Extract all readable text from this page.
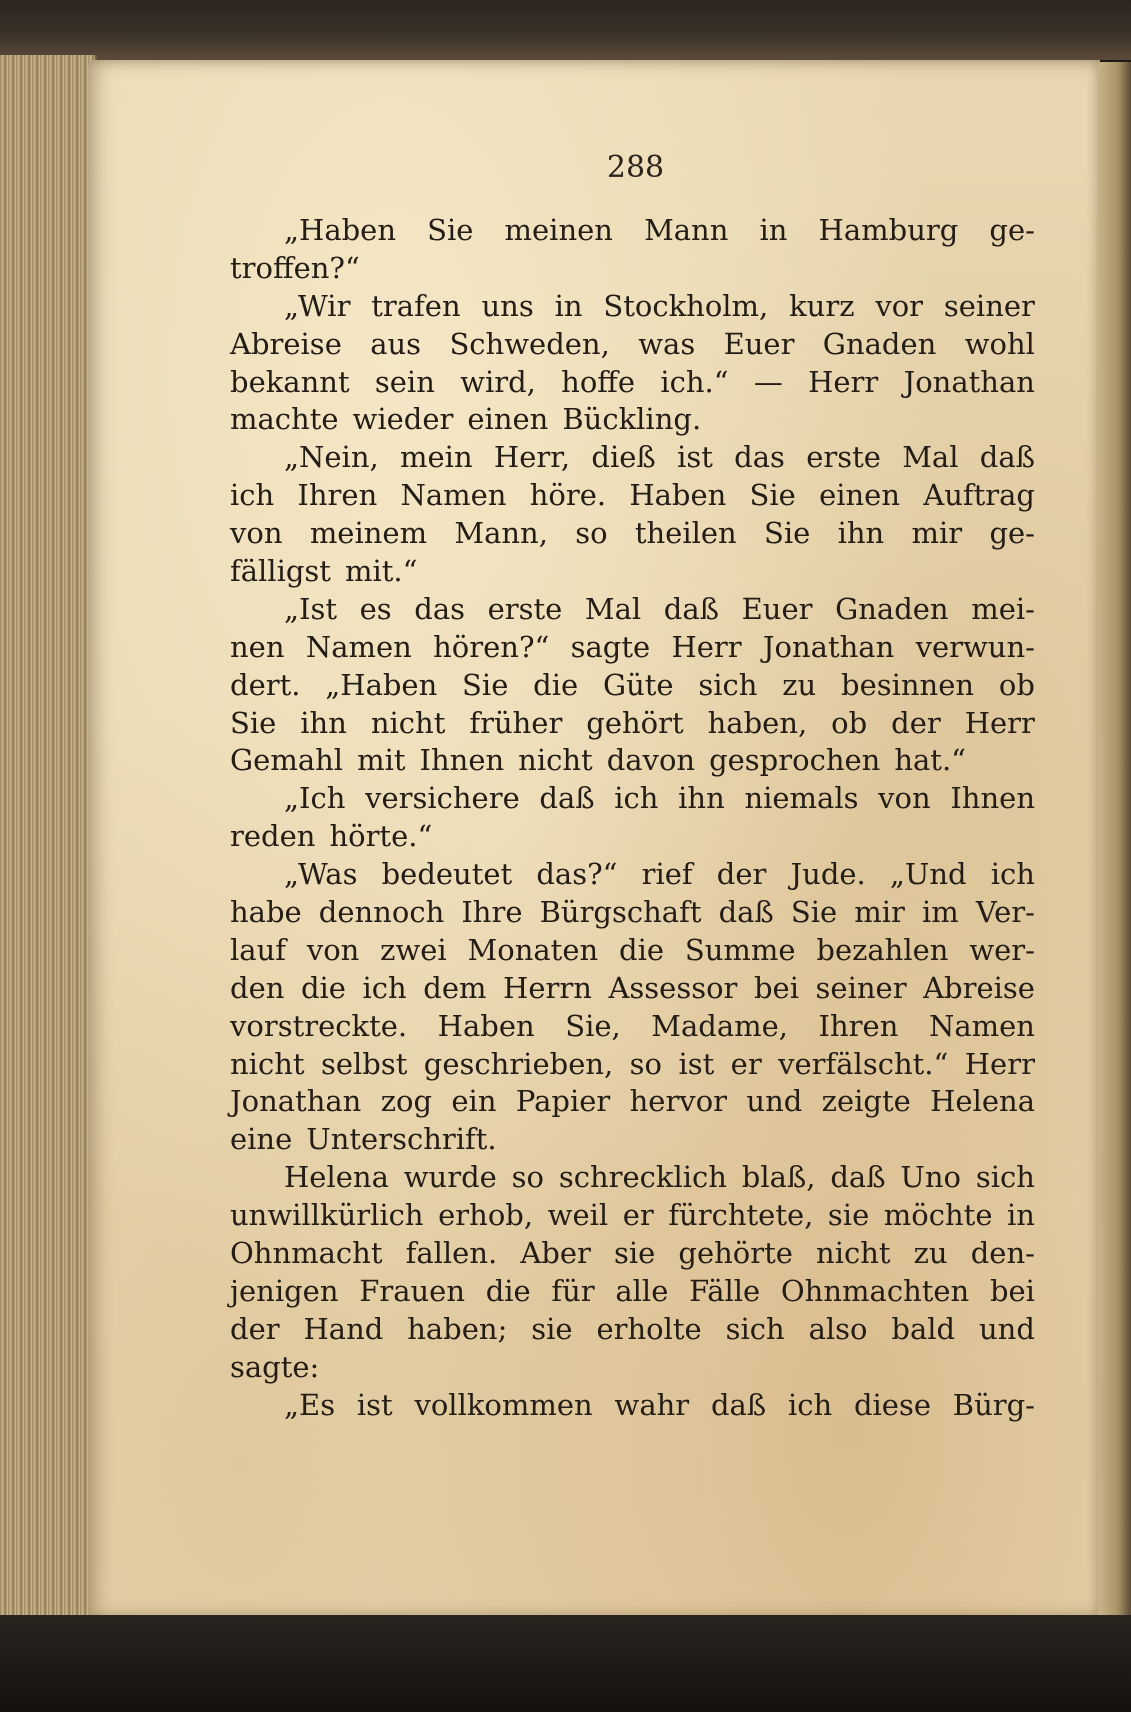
288
„Haben Sie meinen Mann in Hamburg ge-
troffen?“
„Wir trafen uns in Stockholm, kurz vor seiner
Abreise aus Schweden, was Euer Gnaden wohl
bekannt sein wird, hoffe ich.“ — Herr Jonathan
machte wieder einen Bückling.
„Nein, mein Herr, dieß ist das erste Mal daß
ich Ihren Namen höre. Haben Sie einen Auftrag
von meinem Mann, so theilen Sie ihn mir ge-
fälligst mit.“
„Ist es das erste Mal daß Euer Gnaden mei-
nen Namen hören?“ sagte Herr Jonathan verwun-
dert. „Haben Sie die Güte sich zu besinnen ob
Sie ihn nicht früher gehört haben, ob der Herr
Gemahl mit Ihnen nicht davon gesprochen hat.“
„Ich versichere daß ich ihn niemals von Ihnen
reden hörte.“
„Was bedeutet das?“ rief der Jude. „Und ich
habe dennoch Ihre Bürgschaft daß Sie mir im Ver-
lauf von zwei Monaten die Summe bezahlen wer-
den die ich dem Herrn Assessor bei seiner Abreise
vorstreckte. Haben Sie, Madame, Ihren Namen
nicht selbst geschrieben, so ist er verfälscht.“ Herr
Jonathan zog ein Papier hervor und zeigte Helena
eine Unterschrift.
Helena wurde so schrecklich blaß, daß Uno sich
unwillkürlich erhob, weil er fürchtete, sie möchte in
Ohnmacht fallen. Aber sie gehörte nicht zu den-
jenigen Frauen die für alle Fälle Ohnmachten bei
der Hand haben; sie erholte sich also bald und
sagte:
„Es ist vollkommen wahr daß ich diese Bürg-
